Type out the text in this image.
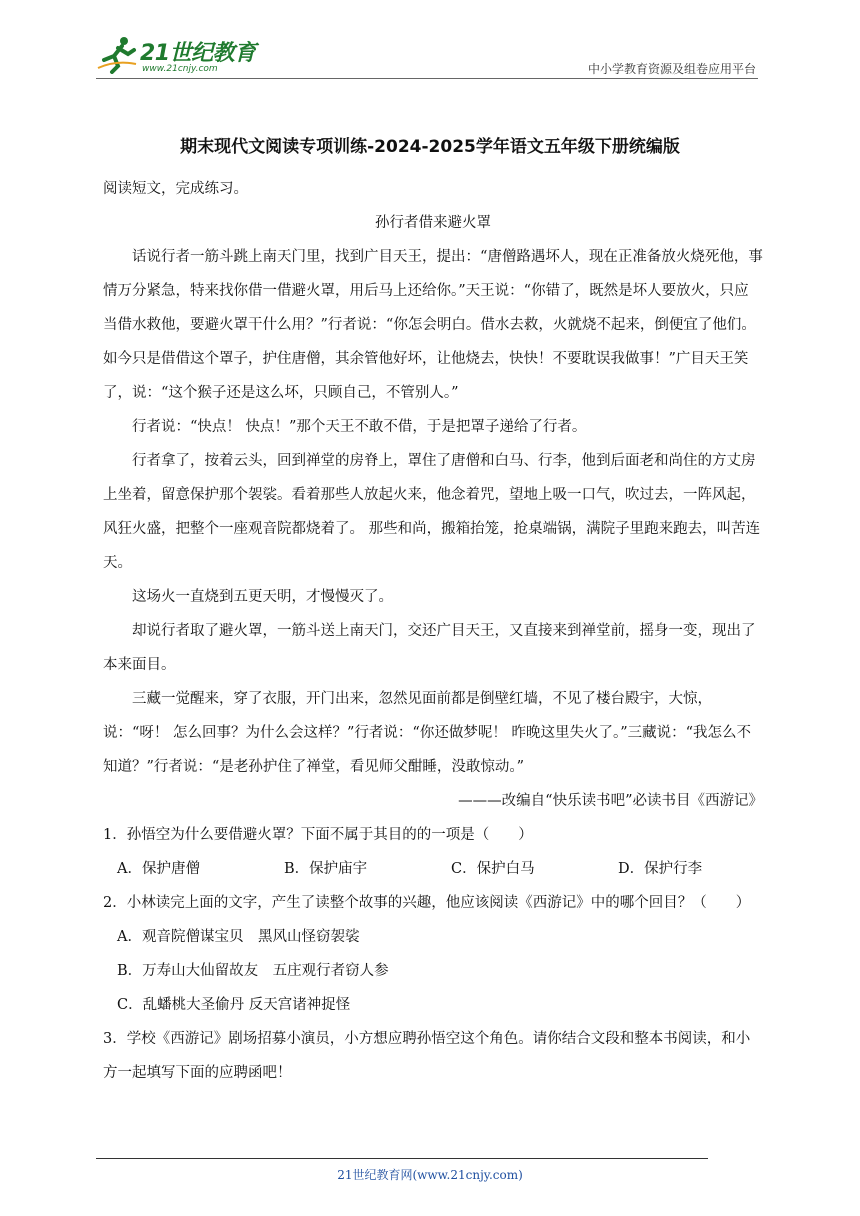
21世纪教育
www.21cnjy.com	中小学教育资源及组卷应用平台
期末现代文阅读专项训练-2024-2025学年语文五年级下册统编版

阅读短文，完成练习。

孙行者借来避火罩

话说行者一筋斗跳上南天门里，找到广目天王，提出：“唐僧路遇坏人，现在正准备放火烧死他，事情万分紧急，特来找你借一借避火罩，用后马上还给你。”天王说：“你错了，既然是坏人要放火，只应当借水救他，要避火罩干什么用？”行者说：“你怎会明白。借水去救，火就烧不起来，倒便宜了他们。如今只是借借这个罩子，护住唐僧，其余管他好坏，让他烧去，快快！不要耽误我做事！”广目天王笑了，说：“这个猴子还是这么坏，只顾自己，不管别人。”

行者说：“快点！ 快点！”那个天王不敢不借，于是把罩子递给了行者。

行者拿了，按着云头，回到禅堂的房脊上，罩住了唐僧和白马、行李，他到后面老和尚住的方丈房上坐着，留意保护那个袈裟。看着那些人放起火来，他念着咒，望地上吸一口气，吹过去，一阵风起，风狂火盛，把整个一座观音院都烧着了。 那些和尚，搬箱抬笼，抢桌端锅，满院子里跑来跑去，叫苦连天。

这场火一直烧到五更天明，才慢慢灭了。

却说行者取了避火罩，一筋斗送上南天门，交还广目天王，又直接来到禅堂前，摇身一变，现出了本来面目。

三藏一觉醒来，穿了衣服，开门出来，忽然见面前都是倒壁红墙，不见了楼台殿宇，大惊，说：“呀！ 怎么回事？为什么会这样？”行者说：“你还做梦呢！ 昨晚这里失火了。”三藏说：“我怎么不知道？”行者说：“是老孙护住了禅堂，看见师父酣睡，没敢惊动。”

———改编自“快乐读书吧”必读书目《西游记》

1．孙悟空为什么要借避火罩？下面不属于其目的的一项是（　　）

A．保护唐僧	B．保护庙宇	C．保护白马	D．保护行李

2．小林读完上面的文字，产生了读整个故事的兴趣，他应该阅读《西游记》中的哪个回目？（　　）

A．观音院僧谋宝贝　黑风山怪窃袈裟

B．万寿山大仙留故友　五庄观行者窃人参

C．乱蟠桃大圣偷丹 反天宫诸神捉怪

3．学校《西游记》剧场招募小演员，小方想应聘孙悟空这个角色。请你结合文段和整本书阅读，和小方一起填写下面的应聘函吧！

21世纪教育网(www.21cnjy.com)
